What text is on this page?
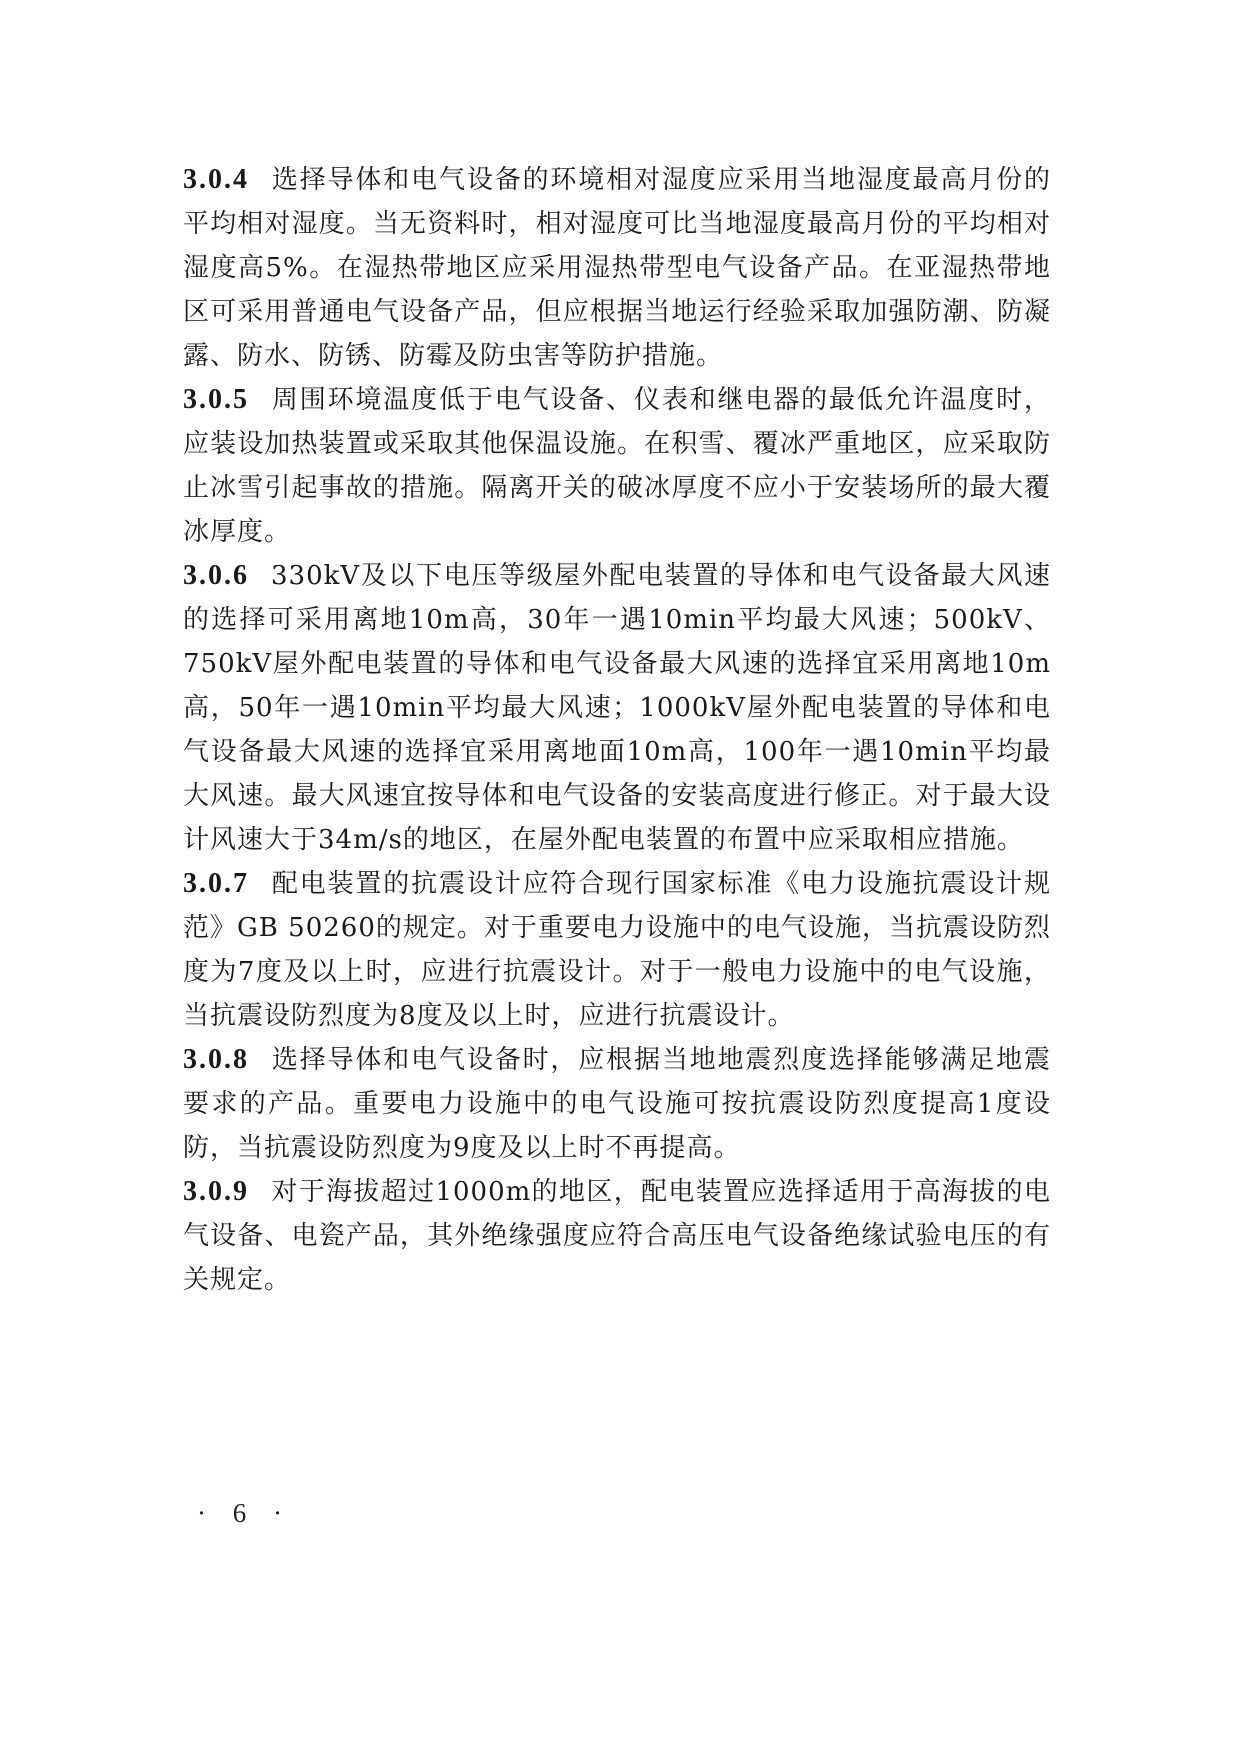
3.0.4 选择导体和电气设备的环境相对湿度应采用当地湿度最高月份的平均相对湿度。当无资料时，相对湿度可比当地湿度最高月份的平均相对湿度高5%。在湿热带地区应采用湿热带型电气设备产品。在亚湿热带地区可采用普通电气设备产品，但应根据当地运行经验采取加强防潮、防凝露、防水、防锈、防霉及防虫害等防护措施。

3.0.5 周围环境温度低于电气设备、仪表和继电器的最低允许温度时，应装设加热装置或采取其他保温设施。在积雪、覆冰严重地区，应采取防止冰雪引起事故的措施。隔离开关的破冰厚度不应小于安装场所的最大覆冰厚度。

3.0.6 330kV及以下电压等级屋外配电装置的导体和电气设备最大风速的选择可采用离地10m高，30年一遇10min平均最大风速；500kV、750kV屋外配电装置的导体和电气设备最大风速的选择宜采用离地10m高，50年一遇10min平均最大风速；1000kV屋外配电装置的导体和电气设备最大风速的选择宜采用离地面10m高，100年一遇10min平均最大风速。最大风速宜按导体和电气设备的安装高度进行修正。对于最大设计风速大于34m/s的地区，在屋外配电装置的布置中应采取相应措施。

3.0.7 配电装置的抗震设计应符合现行国家标准《电力设施抗震设计规范》GB 50260的规定。对于重要电力设施中的电气设施，当抗震设防烈度为7度及以上时，应进行抗震设计。对于一般电力设施中的电气设施，当抗震设防烈度为8度及以上时，应进行抗震设计。

3.0.8 选择导体和电气设备时，应根据当地地震烈度选择能够满足地震要求的产品。重要电力设施中的电气设施可按抗震设防烈度提高1度设防，当抗震设防烈度为9度及以上时不再提高。

3.0.9 对于海拔超过1000m的地区，配电装置应选择适用于高海拔的电气设备、电瓷产品，其外绝缘强度应符合高压电气设备绝缘试验电压的有关规定。

· 6 ·
